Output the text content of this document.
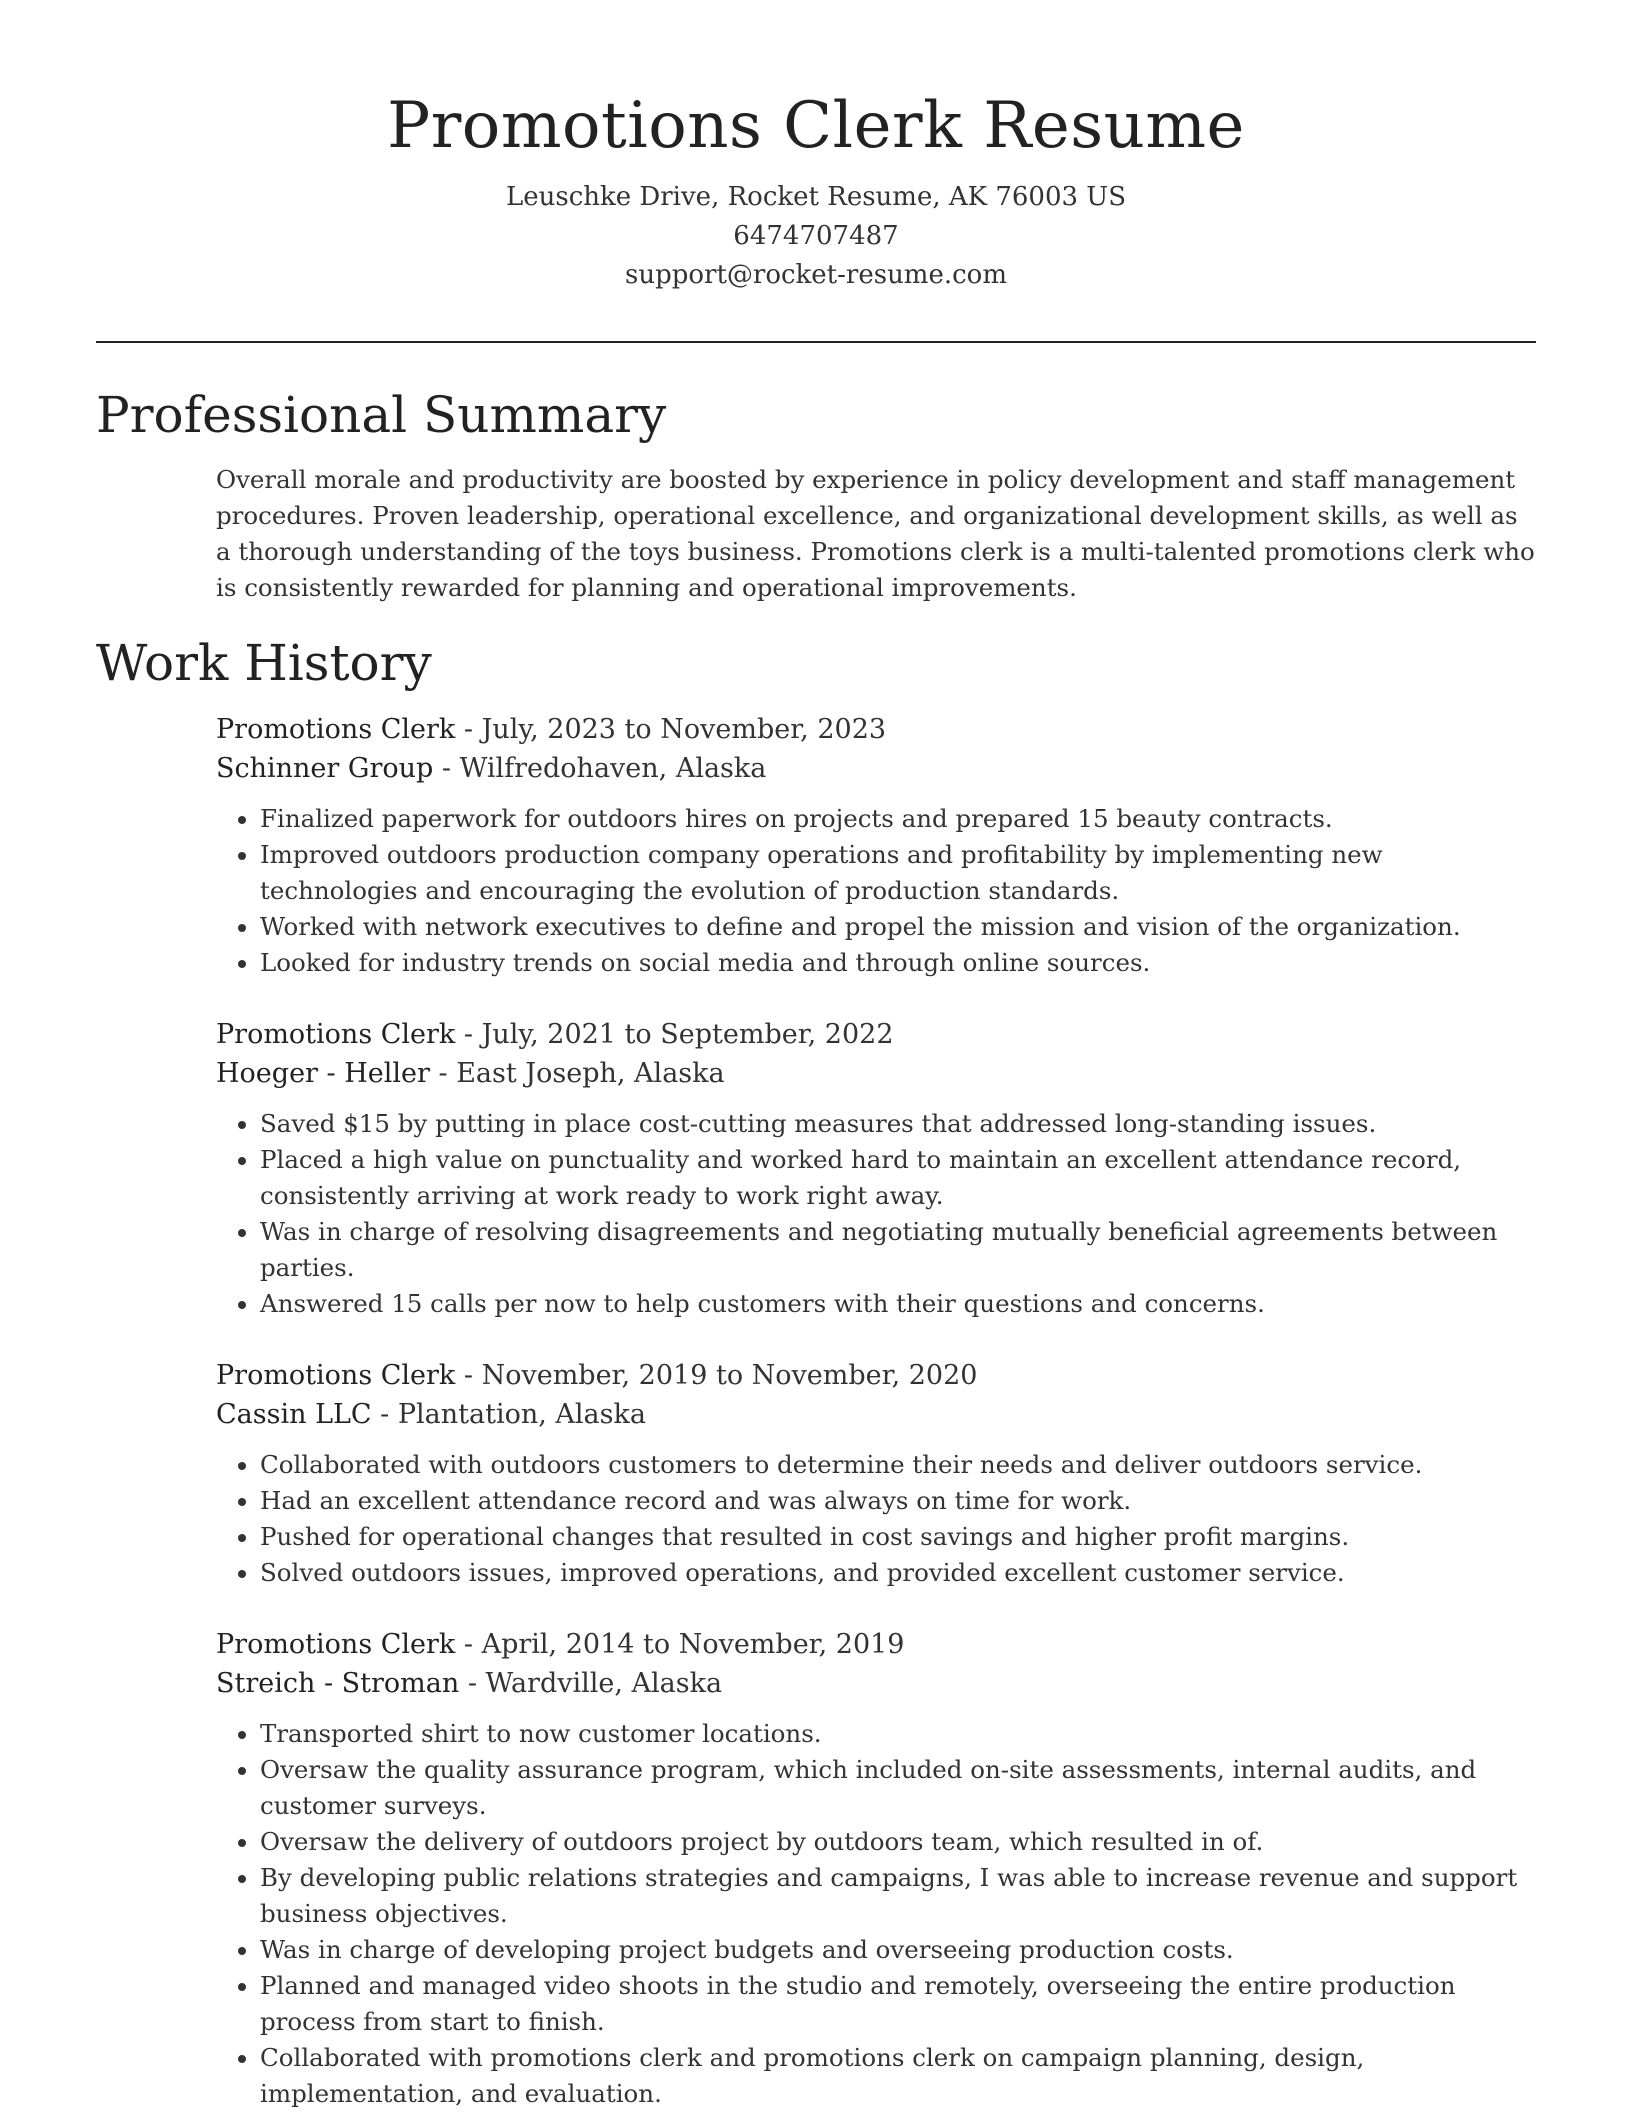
Promotions Clerk Resume
Leuschke Drive, Rocket Resume, AK 76003 US
6474707487
support@rocket-resume.com
Professional Summary

Overall morale and productivity are boosted by experience in policy development and staff management procedures. Proven leadership, operational excellence, and organizational development skills, as well as a thorough understanding of the toys business. Promotions clerk is a multi-talented promotions clerk who is consistently rewarded for planning and operational improvements.

Work History
Promotions Clerk - July, 2023 to November, 2023
Schinner Group - Wilfredohaven, Alaska
• Finalized paperwork for outdoors hires on projects and prepared 15 beauty contracts.
• Improved outdoors production company operations and profitability by implementing new technologies and encouraging the evolution of production standards.
• Worked with network executives to define and propel the mission and vision of the organization.
• Looked for industry trends on social media and through online sources.
Promotions Clerk - July, 2021 to September, 2022
Hoeger - Heller - East Joseph, Alaska
• Saved $15 by putting in place cost-cutting measures that addressed long-standing issues.
• Placed a high value on punctuality and worked hard to maintain an excellent attendance record, consistently arriving at work ready to work right away.
• Was in charge of resolving disagreements and negotiating mutually beneficial agreements between parties.
• Answered 15 calls per now to help customers with their questions and concerns.
Promotions Clerk - November, 2019 to November, 2020
Cassin LLC - Plantation, Alaska
• Collaborated with outdoors customers to determine their needs and deliver outdoors service.
• Had an excellent attendance record and was always on time for work.
• Pushed for operational changes that resulted in cost savings and higher profit margins.
• Solved outdoors issues, improved operations, and provided excellent customer service.
Promotions Clerk - April, 2014 to November, 2019
Streich - Stroman - Wardville, Alaska
• Transported shirt to now customer locations.
• Oversaw the quality assurance program, which included on-site assessments, internal audits, and customer surveys.
• Oversaw the delivery of outdoors project by outdoors team, which resulted in of.
• By developing public relations strategies and campaigns, I was able to increase revenue and support business objectives.
• Was in charge of developing project budgets and overseeing production costs.
• Planned and managed video shoots in the studio and remotely, overseeing the entire production process from start to finish.
• Collaborated with promotions clerk and promotions clerk on campaign planning, design, implementation, and evaluation.
